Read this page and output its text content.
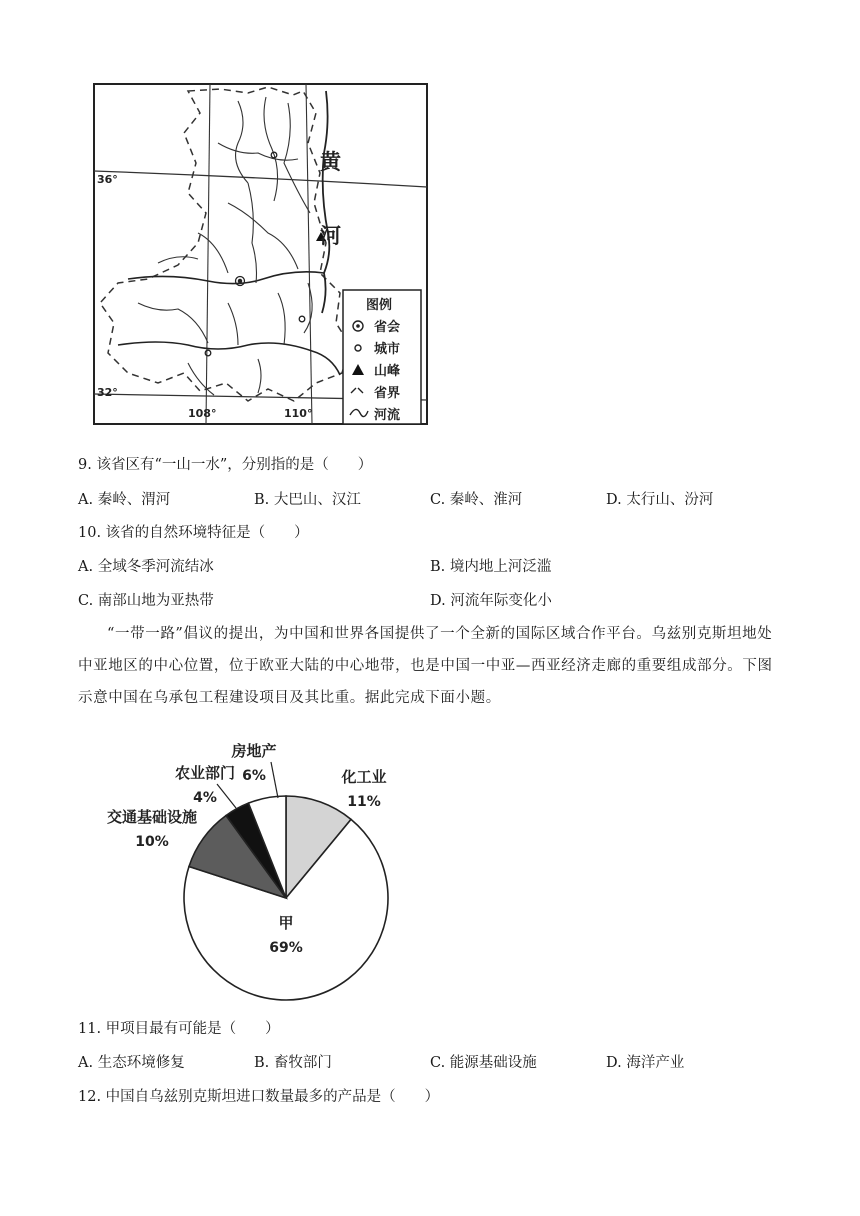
36°
32°
108°	110°
黄
河
图例
省会
城市
山峰
省界
河流
9. 该省区有“一山一水”，分别指的是（　　）
A. 秦岭、渭河	B. 大巴山、汉江	C. 秦岭、淮河	D. 太行山、汾河
10. 该省的自然环境特征是（　　）
A. 全域冬季河流结冰	B. 境内地上河泛滥
C. 南部山地为亚热带	D. 河流年际变化小
“一带一路”倡议的提出，为中国和世界各国提供了一个全新的国际区域合作平台。乌兹别克斯坦地处中亚地区的中心位置，位于欧亚大陆的中心地带，也是中国一中亚—西亚经济走廊的重要组成部分。下图示意中国在乌承包工程建设项目及其比重。据此完成下面小题。
化工业
11%
甲
69%
交通基础设施
10%
农业部门
4%
房地产
6%
11. 甲项目最有可能是（　　）
A. 生态环境修复	B. 畜牧部门	C. 能源基础设施	D. 海洋产业
12. 中国自乌兹别克斯坦进口数量最多的产品是（　　）
